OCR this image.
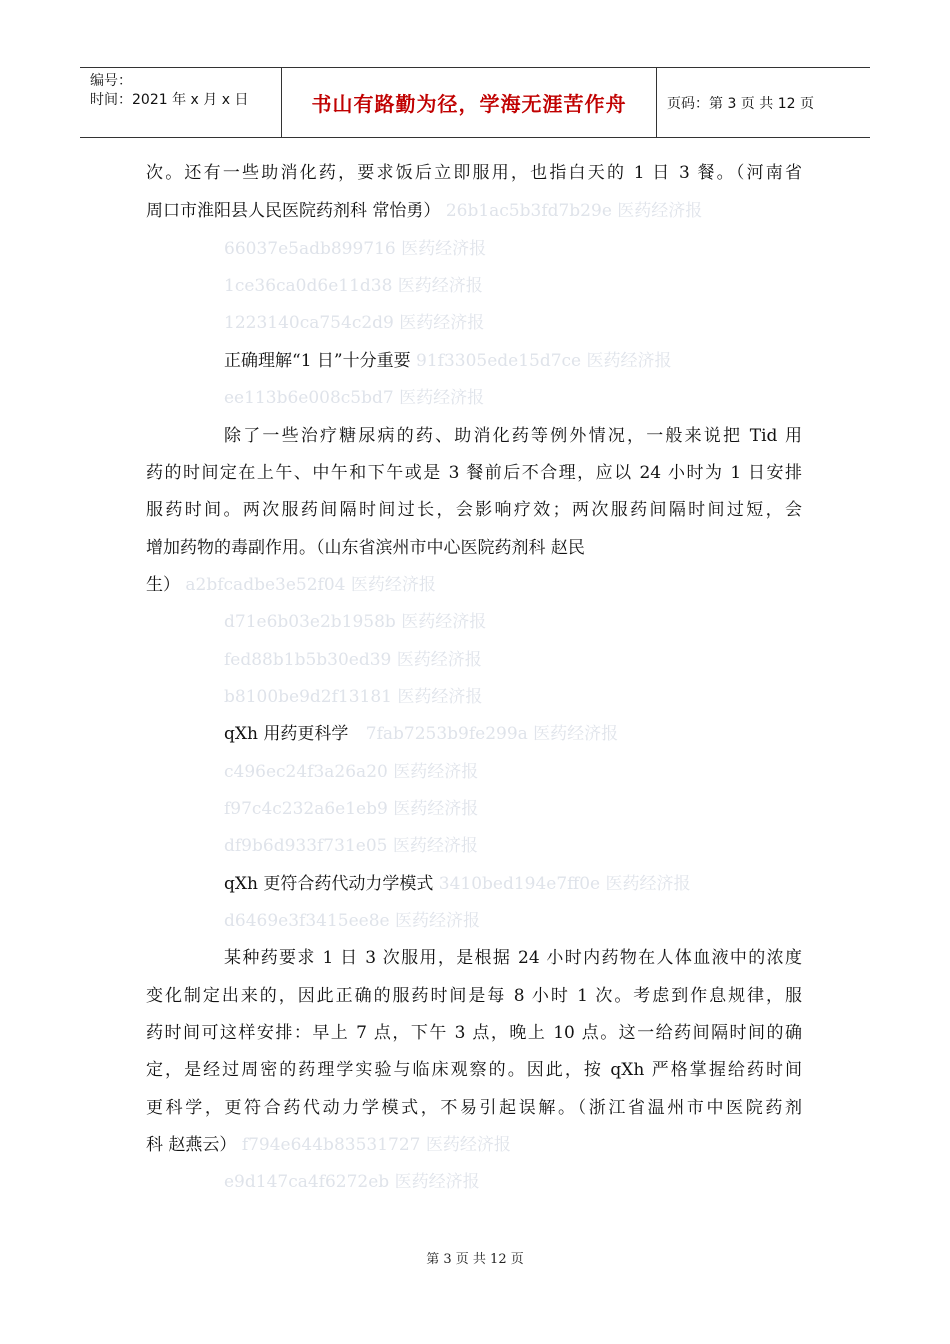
编号：
时间：2021 年 x 月 x 日	书山有路勤为径，学海无涯苦作舟	页码：第 3 页 共 12 页
次。还有一些助消化药，要求饭后立即服用，也指白天的 1 日 3 餐。（河南省
周口市淮阳县人民医院药剂科 常怡勇） 26b1ac5b3fd7b29e 医药经济报
66037e5adb899716 医药经济报
1ce36ca0d6e11d38 医药经济报
1223140ca754c2d9 医药经济报
正确理解“1 日”十分重要 91f3305ede15d7ce 医药经济报
ee113b6e008c5bd7 医药经济报
除了一些治疗糖尿病的药、助消化药等例外情况，一般来说把 Tid 用
药的时间定在上午、中午和下午或是 3 餐前后不合理，应以 24 小时为 1 日安排
服药时间。两次服药间隔时间过长，会影响疗效；两次服药间隔时间过短，会
增加药物的毒副作用。（山东省滨州市中心医院药剂科 赵民
生） a2bfcadbe3e52f04 医药经济报
d71e6b03e2b1958b 医药经济报
fed88b1b5b30ed39 医药经济报
b8100be9d2f13181 医药经济报
qXh 用药更科学 7fab7253b9fe299a 医药经济报
c496ec24f3a26a20 医药经济报
f97c4c232a6e1eb9 医药经济报
df9b6d933f731e05 医药经济报
qXh 更符合药代动力学模式 3410bed194e7ff0e 医药经济报
d6469e3f3415ee8e 医药经济报
某种药要求 1 日 3 次服用，是根据 24 小时内药物在人体血液中的浓度
变化制定出来的，因此正确的服药时间是每 8 小时 1 次。考虑到作息规律，服
药时间可这样安排：早上 7 点，下午 3 点，晚上 10 点。这一给药间隔时间的确
定，是经过周密的药理学实验与临床观察的。因此，按 qXh 严格掌握给药时间
更科学，更符合药代动力学模式，不易引起误解。（浙江省温州市中医院药剂
科 赵燕云） f794e644b83531727 医药经济报
e9d147ca4f6272eb 医药经济报
第 3 页 共 12 页
